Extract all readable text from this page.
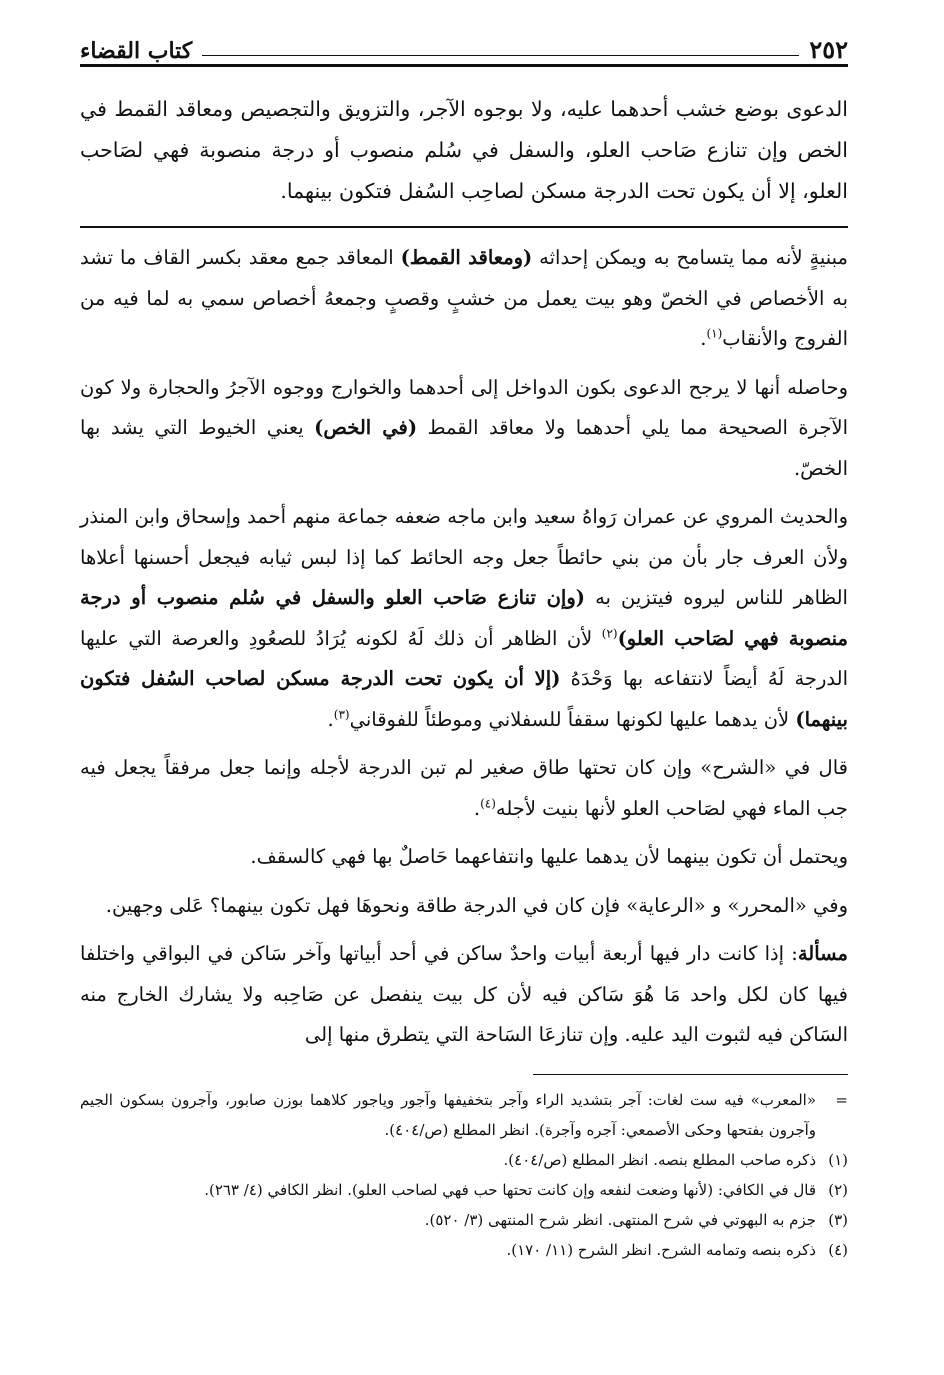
٢٥٢
كتاب القضاء

الدعوى بوضع خشب أحدهما عليه، ولا بوجوه الآجر، والتزويق والتجصيص ومعاقد القمط في الخص وإن تنازع صَاحب العلو، والسفل في سُلم منصوب أو درجة منصوبة فهي لصَاحب العلو، إلا أن يكون تحت الدرجة مسكن لصاحِب السُفل فتكون بينهما.

مبنيةٍ لأنه مما يتسامح به ويمكن إحداثه (ومعاقد القمط) المعاقد جمع معقد بكسر القاف ما تشد به الأخصاص في الخصّ وهو بيت يعمل من خشبٍ وقصبٍ وجمعهُ أخصاص سمي به لما فيه من الفروج والأنقاب$^{(١)}$.

وحاصله أنها لا يرجح الدعوى بكون الدواخل إلى أحدهما والخوارج ووجوه الآجرُ والحجارة ولا كون الآجرة الصحيحة مما يلي أحدهما ولا معاقد القمط (في الخص) يعني الخيوط التي يشد بها الخصّ.

والحديث المروي عن عمران رَواهُ سعيد وابن ماجه ضعفه جماعة منهم أحمد وإسحاق وابن المنذر ولأن العرف جار بأن من بني حائطاً جعل وجه الحائط كما إذا لبس ثيابه فيجعل أحسنها أعلاها الظاهر للناس ليروه فيتزين به (وإن تنازع صَاحب العلو والسفل في سُلم منصوب أو درجة منصوبة فهي لصَاحب العلو)$^{(٢)}$ لأن الظاهر أن ذلك لَهُ لكونه يُرَادُ للصعُودِ والعرصة التي عليها الدرجة لَهُ أيضاً لانتفاعه بها وَحْدَهُ (إلا أن يكون تحت الدرجة مسكن لصاحب السُفل فتكون بينهما) لأن يدهما عليها لكونها سقفاً للسفلاني وموطئاً للفوقاني$^{(٣)}$.

قال في «الشرح» وإن كان تحتها طاق صغير لم تبن الدرجة لأجله وإنما جعل مرفقاً يجعل فيه جب الماء فهي لصَاحب العلو لأنها بنيت لأجله$^{(٤)}$.

ويحتمل أن تكون بينهما لأن يدهما عليها وانتفاعهما حَاصلٌ بها فهي كالسقف.

وفي «المحرر» و «الرعاية» فإن كان في الدرجة طاقة ونحوهَا فهل تكون بينهما؟ عَلى وجهين.

مسألة: إذا كانت دار فيها أربعة أبيات واحدٌ ساكن في أحد أبياتها وآخر سَاكن في البواقي واختلفا فيها كان لكل واحد مَا هُوَ سَاكن فيه لأن كل بيت ينفصل عن صَاحِبه ولا يشارك الخارج منه السَاكن فيه لثبوت اليد عليه. وإن تنازعَا السَاحة التي يتطرق منها إلى

=
«المعرب» فيه ست لغات: آجر بتشديد الراء وآجر بتخفيفها وآجور وياجور كلاهما بوزن صابور، وآجرون بسكون الجيم وآجرون بفتحها وحكى الأصمعي: آجره وآجرة). انظر المطلع (ص/٤٠٤).
(١)
ذكره صاحب المطلع بنصه. انظر المطلع (ص/٤٠٤).
(٢)
قال في الكافي: (لأنها وضعت لنفعه وإن كانت تحتها حب فهي لصاحب العلو). انظر الكافي (٤/ ٢٦٣).
(٣)
جزم به البهوتي في شرح المنتهى. انظر شرح المنتهى (٣/ ٥٢٠).
(٤)
ذكره بنصه وتمامه الشرح. انظر الشرح (١١/ ١٧٠).
